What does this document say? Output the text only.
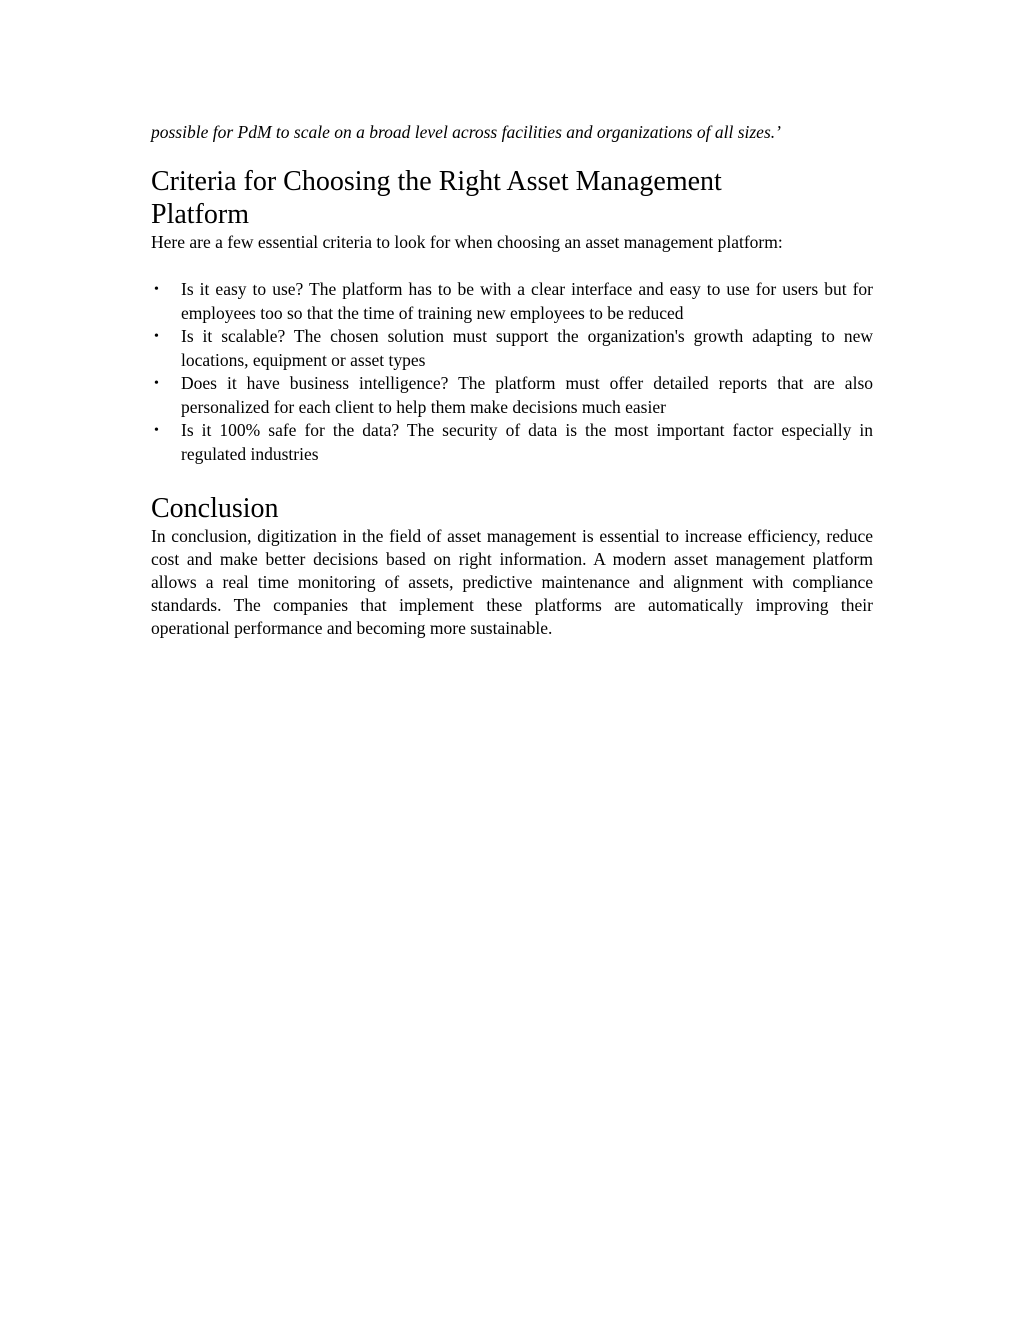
possible for PdM to scale on a broad level across facilities and organizations of all sizes.’

Criteria for Choosing the Right Asset Management Platform

Here are a few essential criteria to look for when choosing an asset management platform:

• Is it easy to use? The platform has to be with a clear interface and easy to use for users but for employees too so that the time of training new employees to be reduced
• Is it scalable? The chosen solution must support the organization's growth adapting to new locations, equipment or asset types
• Does it have business intelligence? The platform must offer detailed reports that are also personalized for each client to help them make decisions much easier
• Is it 100% safe for the data? The security of data is the most important factor especially in regulated industries
Conclusion

In conclusion, digitization in the field of asset management is essential to increase efficiency, reduce cost and make better decisions based on right information. A modern asset management platform allows a real time monitoring of assets, predictive maintenance and alignment with compliance standards. The companies that implement these platforms are automatically improving their operational performance and becoming more sustainable.
